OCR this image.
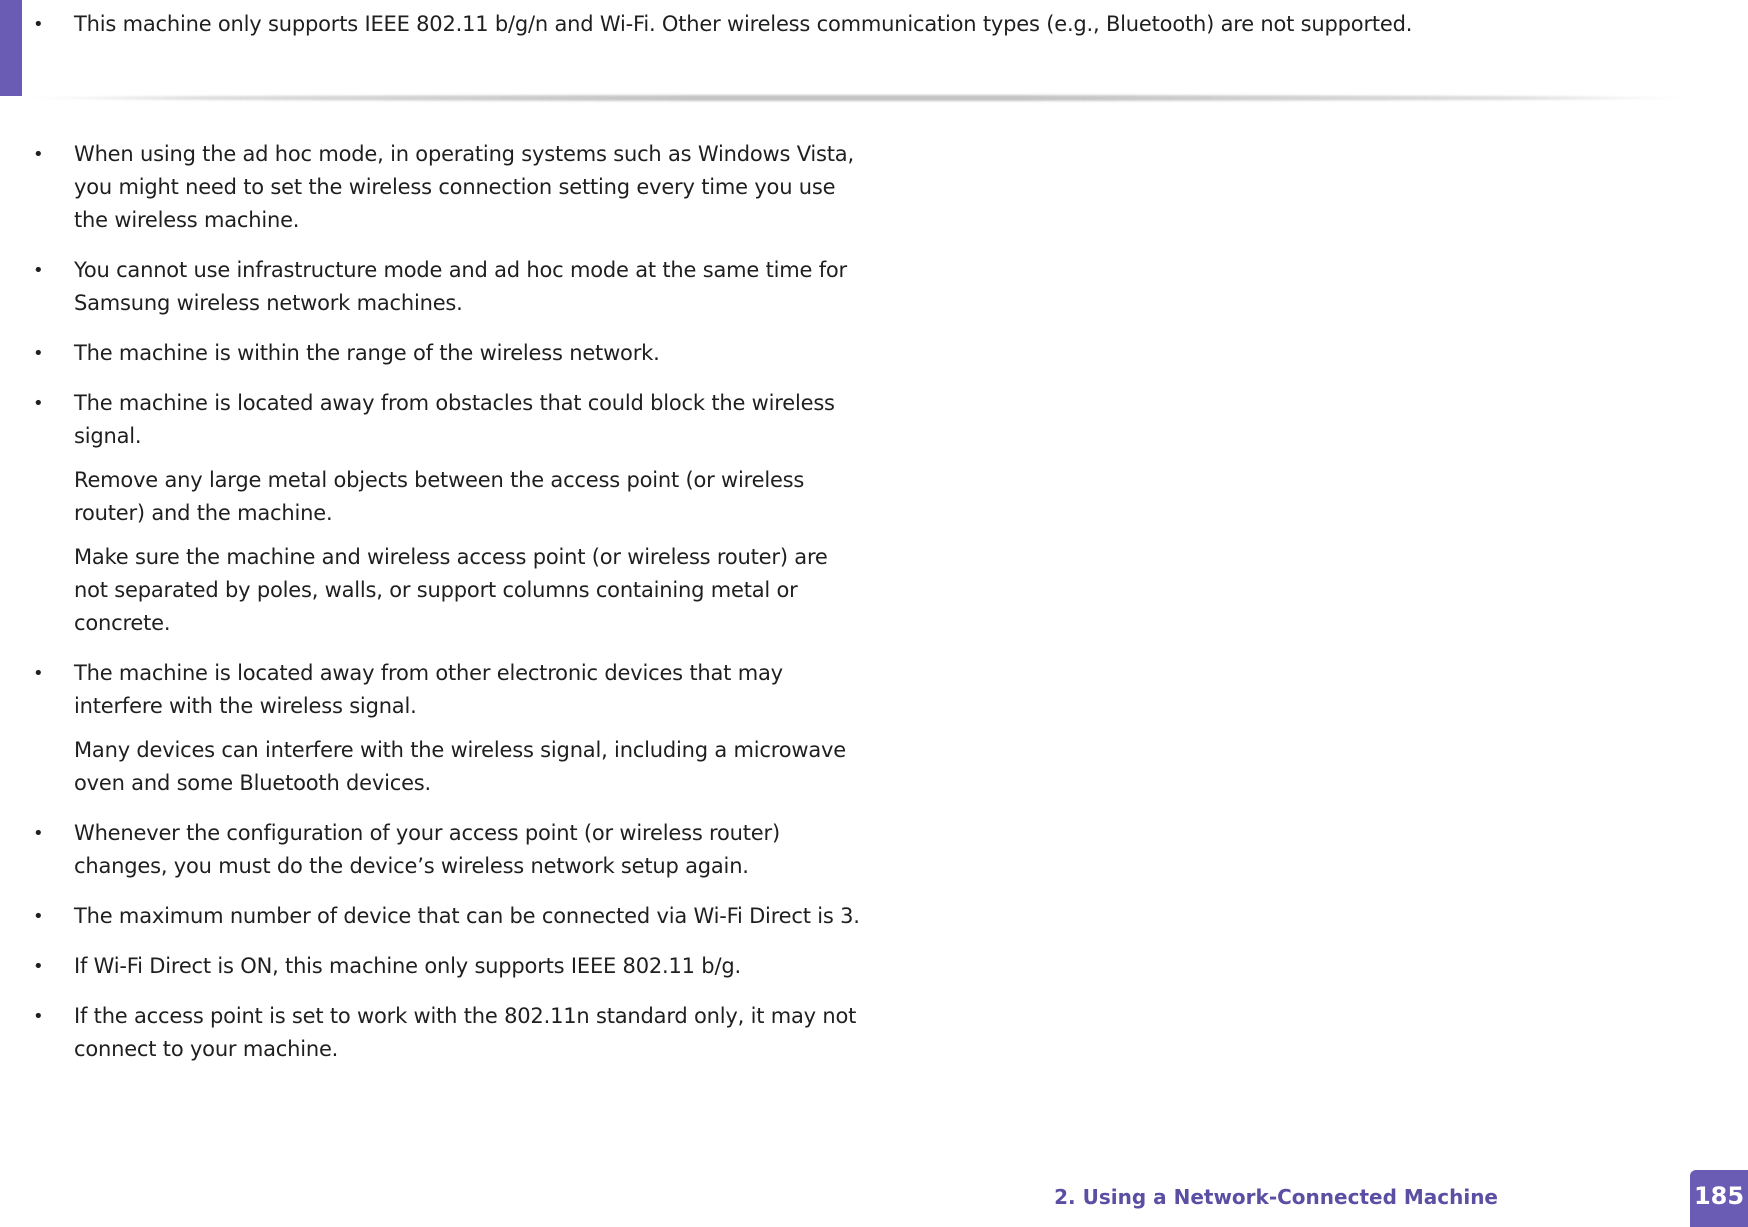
•	This machine only supports IEEE 802.11 b/g/n and Wi-Fi. Other wireless communication types (e.g., Bluetooth) are not supported.
•	When using the ad hoc mode, in operating systems such as Windows Vista, you might need to set the wireless connection setting every time you use the wireless machine.

•	You cannot use infrastructure mode and ad hoc mode at the same time for Samsung wireless network machines.

•	The machine is within the range of the wireless network.

•	The machine is located away from obstacles that could block the wireless signal.

Remove any large metal objects between the access point (or wireless router) and the machine.

Make sure the machine and wireless access point (or wireless router) are not separated by poles, walls, or support columns containing metal or concrete.

•	The machine is located away from other electronic devices that may interfere with the wireless signal.

Many devices can interfere with the wireless signal, including a microwave oven and some Bluetooth devices.

•	Whenever the configuration of your access point (or wireless router) changes, you must do the device’s wireless network setup again.

•	The maximum number of device that can be connected via Wi-Fi Direct is 3.

•	If Wi-Fi Direct is ON, this machine only supports IEEE 802.11 b/g.

•	If the access point is set to work with the 802.11n standard only, it may not connect to your machine.

2. Using a Network-Connected Machine	185
